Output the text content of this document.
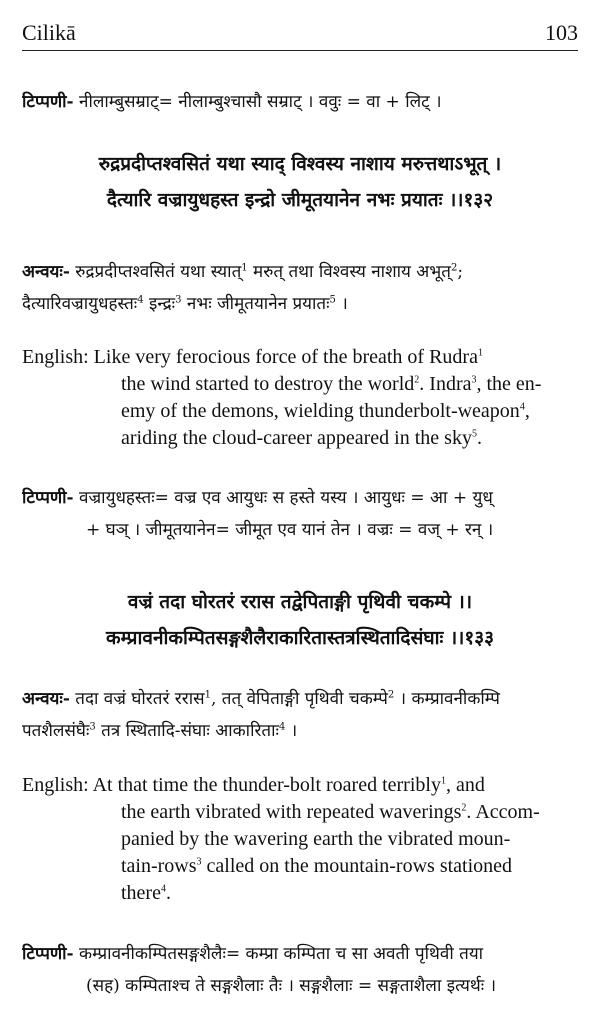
Cilikā	103
टिप्पणी- नीलाम्बुसम्राट्= नीलाम्बुश्चासौ सम्राट् । ववुः = वा + लिट् ।
रुद्रप्रदीप्तश्वसितं यथा स्याद् विश्वस्य नाशाय मरुत्तथाऽभूत् ।
दैत्यारि वज्रायुधहस्त इन्द्रो जीमूतयानेन नभः प्रयातः ।।१३२
अन्वयः- रुद्रप्रदीप्तश्वसितं यथा स्यात्$^1$ मरुत् तथा विश्वस्य नाशाय अभूत्$^2$;
दैत्यारिवज्रायुधहस्तः$^4$ इन्द्रः$^3$ नभः जीमूतयानेन प्रयातः$^5$ ।
English: Like very ferocious force of the breath of Rudra$^1$
the wind started to destroy the world$^2$. Indra$^3$, the en-
emy of the demons, wielding thunderbolt-weapon$^4$,
ariding the cloud-career appeared in the sky$^5$.
टिप्पणी- वज्रायुधहस्तः= वज्र एव आयुधः स हस्ते यस्य । आयुधः = आ + युध्
+ घञ् । जीमूतयानेन= जीमूत एव यानं तेन । वज्रः = वज् + रन् ।
वज्रं तदा घोरतरं ररास तद्वेपिताङ्गी पृथिवी चकम्पे ।।
कम्प्रावनीकम्पितसङ्गशैलैराकारितास्तत्रस्थितादिसंघाः ।।१३३
अन्वयः- तदा वज्रं घोरतरं ररास$^1$, तत् वेपिताङ्गी पृथिवी चकम्पे$^2$ । कम्प्रावनीकम्पि
पतशैलसंघैः$^3$ तत्र स्थितादि-संघाः आकारिताः$^4$ ।
English: At that time the thunder-bolt roared terribly$^1$, and
the earth vibrated with repeated waverings$^2$. Accom-
panied by the wavering earth the vibrated moun-
tain-rows$^3$ called on the mountain-rows stationed
there$^4$.
टिप्पणी- कम्प्रावनीकम्पितसङ्गशैलैः= कम्प्रा कम्पिता च सा अवती पृथिवी तया
(सह) कम्पिताश्च ते सङ्गशैलाः तैः । सङ्गशैलाः = सङ्गताशैला इत्यर्थः ।
